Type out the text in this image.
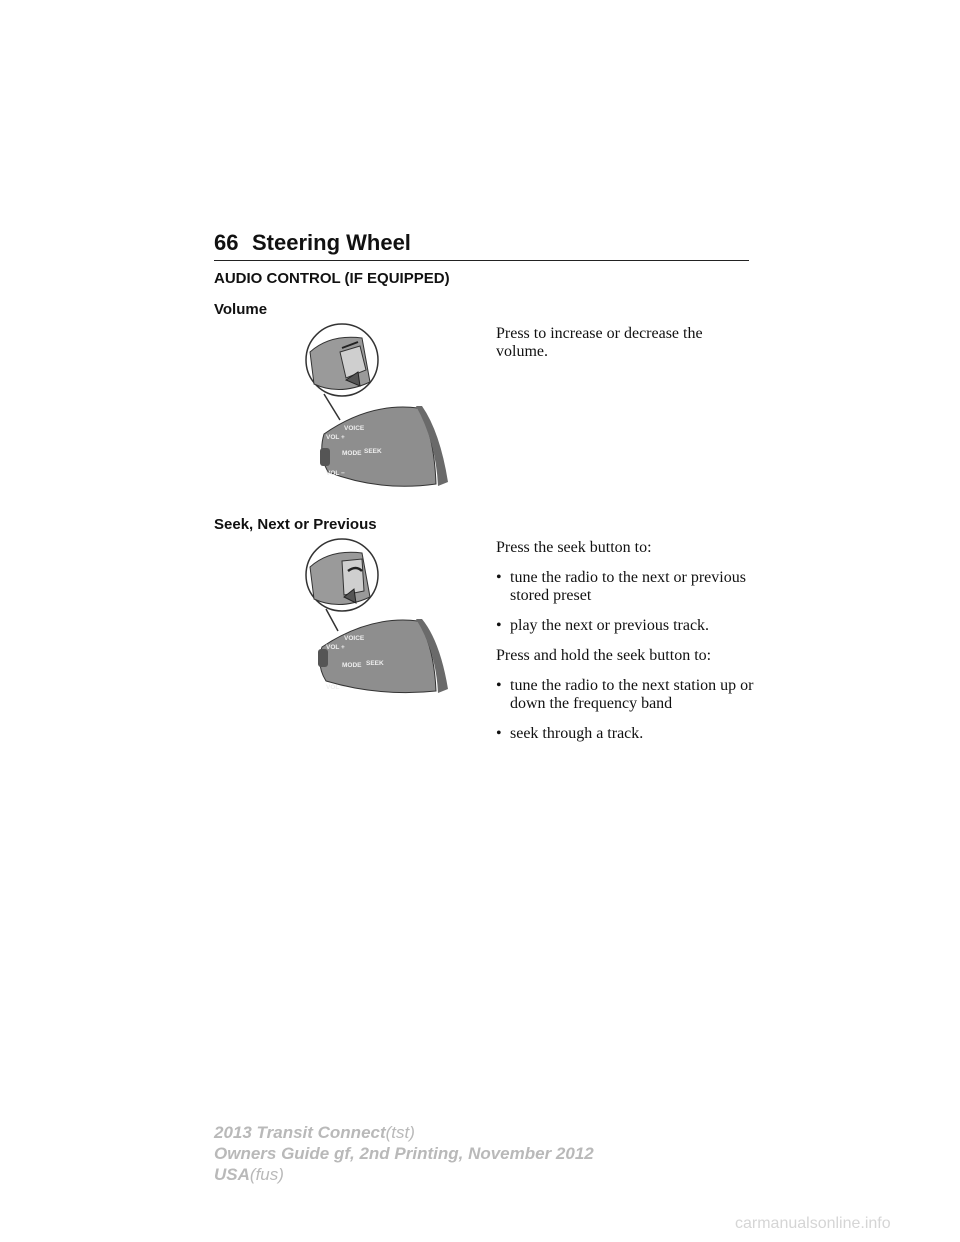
66 Steering Wheel
AUDIO CONTROL (IF EQUIPPED)
Volume
VOICE
VOL +
MODE SEEK
VOL −

Press to increase or decrease the volume.

Seek, Next or Previous
VOICE
VOL +
MODE SEEK
VOL −

Press the seek button to:

• tune the radio to the next or previous stored preset
• play the next or previous track.

Press and hold the seek button to:

• tune the radio to the next station up or down the frequency band
• seek through a track.
2013 Transit Connect(tst)
Owners Guide gf, 2nd Printing, November 2012
USA(fus)
carmanualsonline.info
